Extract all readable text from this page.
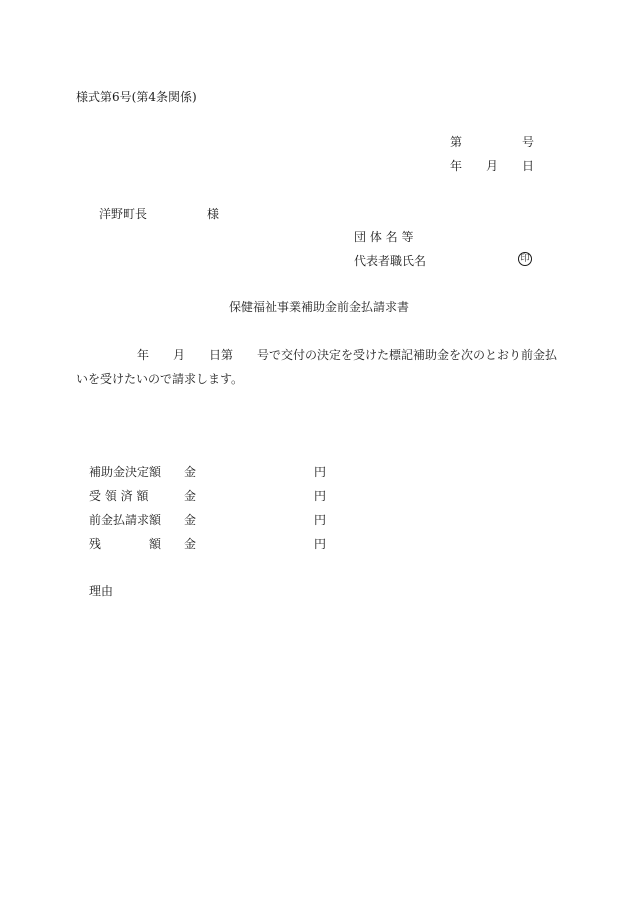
様式第6号(第4条関係)
第	号
年 月 日
洋野町長	様
団 体 名 等
代表者職氏名	印
保健福祉事業補助金前金払請求書
年 月 日第 号で交付の決定を受けた標記補助金を次のとおり前金払
いを受けたいので請求します。
補助金決定額 金	円
受 領 済 額	金	円
前金払請求額 金	円
残　　　　額 金	円
理由
